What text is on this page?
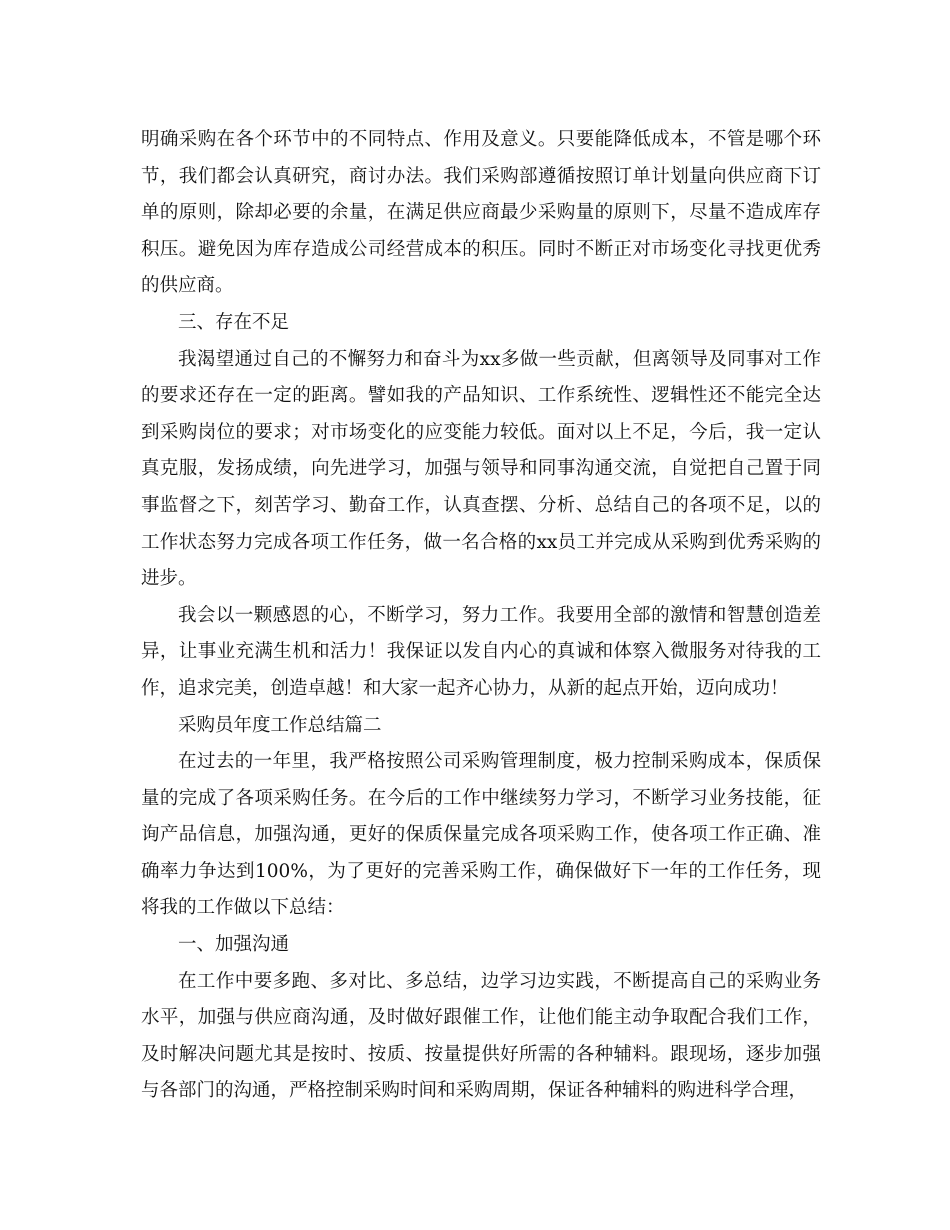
明确采购在各个环节中的不同特点、作用及意义。只要能降低成本，不管是哪个环节，我们都会认真研究，商讨办法。我们采购部遵循按照订单计划量向供应商下订单的原则，除却必要的余量，在满足供应商最少采购量的原则下，尽量不造成库存积压。避免因为库存造成公司经营成本的积压。同时不断正对市场变化寻找更优秀的供应商。

三、存在不足

我渴望通过自己的不懈努力和奋斗为xx多做一些贡献，但离领导及同事对工作的要求还存在一定的距离。譬如我的产品知识、工作系统性、逻辑性还不能完全达到采购岗位的要求；对市场变化的应变能力较低。面对以上不足，今后，我一定认真克服，发扬成绩，向先进学习，加强与领导和同事沟通交流，自觉把自己置于同事监督之下，刻苦学习、勤奋工作，认真查摆、分析、总结自己的各项不足，以的工作状态努力完成各项工作任务，做一名合格的xx员工并完成从采购到优秀采购的进步。

我会以一颗感恩的心，不断学习，努力工作。我要用全部的激情和智慧创造差异，让事业充满生机和活力！我保证以发自内心的真诚和体察入微服务对待我的工作，追求完美，创造卓越！和大家一起齐心协力，从新的起点开始，迈向成功！

采购员年度工作总结篇二

在过去的一年里，我严格按照公司采购管理制度，极力控制采购成本，保质保量的完成了各项采购任务。在今后的工作中继续努力学习，不断学习业务技能，征询产品信息，加强沟通，更好的保质保量完成各项采购工作，使各项工作正确、准确率力争达到100%，为了更好的完善采购工作，确保做好下一年的工作任务，现将我的工作做以下总结：

一、加强沟通

在工作中要多跑、多对比、多总结，边学习边实践，不断提高自己的采购业务水平，加强与供应商沟通，及时做好跟催工作，让他们能主动争取配合我们工作，及时解决问题尤其是按时、按质、按量提供好所需的各种辅料。跟现场，逐步加强与各部门的沟通，严格控制采购时间和采购周期，保证各种辅料的购进科学合理，
